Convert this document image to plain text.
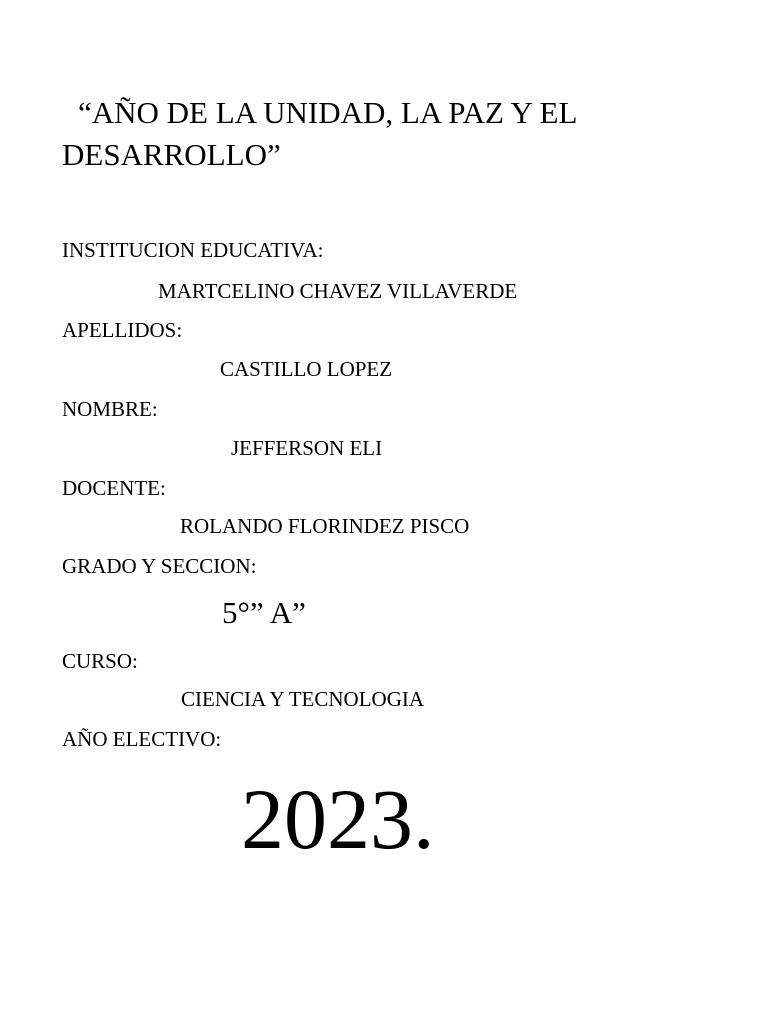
“AÑO DE LA UNIDAD, LA PAZ Y EL
DESARROLLO”
INSTITUCION EDUCATIVA:
MARTCELINO CHAVEZ VILLAVERDE
APELLIDOS:
CASTILLO LOPEZ
NOMBRE:
JEFFERSON ELI
DOCENTE:
ROLANDO FLORINDEZ PISCO
GRADO Y SECCION:
5°” A”
CURSO:
CIENCIA Y TECNOLOGIA
AÑO ELECTIVO:
2023.
